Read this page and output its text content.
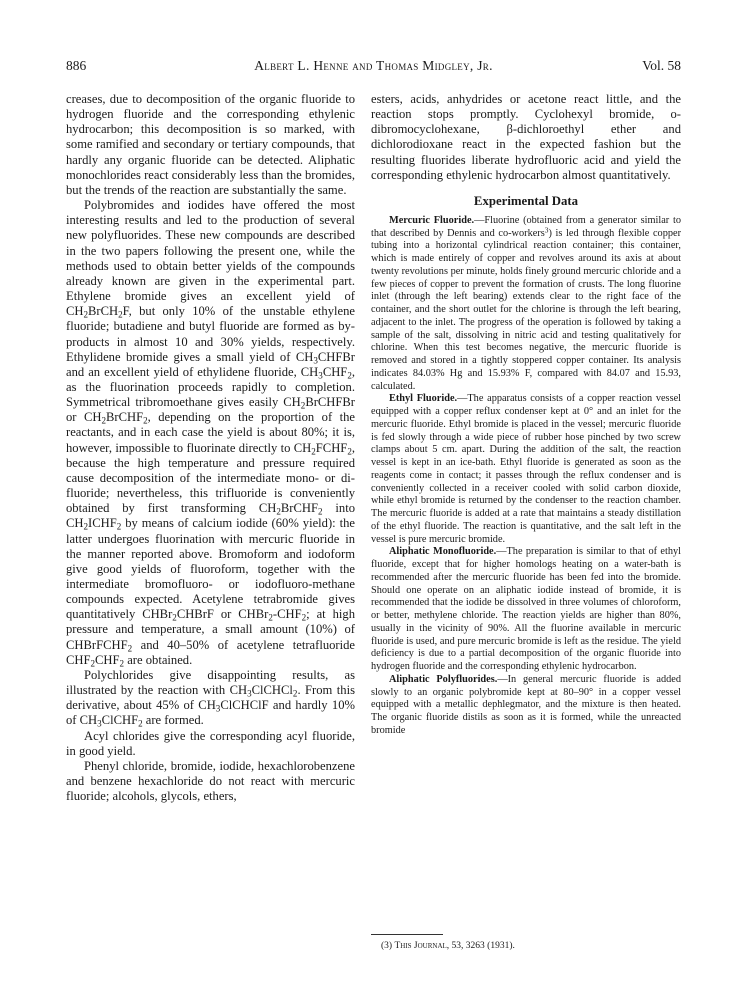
886	Albert L. Henne and Thomas Midgley, Jr.	Vol. 58

creases, due to decomposition of the organic fluoride to hydrogen fluoride and the corresponding ethylenic hydrocarbon; this decomposition is so marked, with some ramified and secondary or tertiary compounds, that hardly any organic fluoride can be detected. Aliphatic monochlorides react considerably less than the bromides, but the trends of the reaction are substantially the same.

Polybromides and iodides have offered the most interesting results and led to the production of several new polyfluorides. These new compounds are described in the two papers following the present one, while the methods used to obtain better yields of the compounds already known are given in the experimental part. Ethylene bromide gives an excellent yield of $CH_2BrCH_2F$, but only 10% of the unstable ethylene fluoride; butadiene and butyl fluoride are formed as by-products in almost 10 and 30% yields, respectively. Ethylidene bromide gives a small yield of $CH_3CHFBr$ and an excellent yield of ethylidene fluoride, $CH_3CHF_2$, as the fluorination proceeds rapidly to completion. Symmetrical tribromoethane gives easily $CH_2BrCHFBr$ or $CH_2BrCHF_2$, depending on the proportion of the reactants, and in each case the yield is about 80%; it is, however, impossible to fluorinate directly to $CH_2FCHF_2$, because the high temperature and pressure required cause decomposition of the intermediate mono- or di-fluoride; nevertheless, this trifluoride is conveniently obtained by first transforming $CH_2BrCHF_2$ into $CH_2ICHF_2$ by means of calcium iodide (60% yield): the latter undergoes fluorination with mercuric fluoride in the manner reported above. Bromoform and iodoform give good yields of fluoroform, together with the intermediate bromofluoro- or iodofluoro-methane compounds expected. Acetylene tetrabromide gives quantitatively CHBr$_2$CHBrF or $CHBr_2-CHF_2$; at high pressure and temperature, a small amount (10%) of CHBrFCHF$_2$ and 40–50% of acetylene tetrafluoride $CHF_2CHF_2$ are obtained.

Polychlorides give disappointing results, as illustrated by the reaction with $CH_3ClCHCl_2$. From this derivative, about 45% of $CH_3ClCHClF$ and hardly 10% of $CH_3ClCHF_2$ are formed.

Acyl chlorides give the corresponding acyl fluoride, in good yield.

Phenyl chloride, bromide, iodide, hexachlorobenzene and benzene hexachloride do not react with mercuric fluoride; alcohols, glycols, ethers,

esters, acids, anhydrides or acetone react little, and the reaction stops promptly. Cyclohexyl bromide, o-dibromocyclohexane, β-dichloroethyl ether and dichlorodioxane react in the expected fashion but the resulting fluorides liberate hydrofluoric acid and yield the corresponding ethylenic hydrocarbon almost quantitatively.

Experimental Data

Mercuric Fluoride.—Fluorine (obtained from a generator similar to that described by Dennis and co-workers$^3$) is led through flexible copper tubing into a horizontal cylindrical reaction container; this container, which is made entirely of copper and revolves around its axis at about twenty revolutions per minute, holds finely ground mercuric chloride and a few pieces of copper to prevent the formation of crusts. The long fluorine inlet (through the left bearing) extends clear to the right face of the container, and the short outlet for the chlorine is through the left bearing, adjacent to the inlet. The progress of the operation is followed by taking a sample of the salt, dissolving in nitric acid and testing qualitatively for chlorine. When this test becomes negative, the mercuric fluoride is removed and stored in a tightly stoppered copper container. Its analysis indicates 84.03% Hg and 15.93% F, compared with 84.07 and 15.93, calculated.

Ethyl Fluoride.—The apparatus consists of a copper reaction vessel equipped with a copper reflux condenser kept at 0° and an inlet for the mercuric fluoride. Ethyl bromide is placed in the vessel; mercuric fluoride is fed slowly through a wide piece of rubber hose pinched by two screw clamps about 5 cm. apart. During the addition of the salt, the reaction vessel is kept in an ice-bath. Ethyl fluoride is generated as soon as the reagents come in contact; it passes through the reflux condenser and is conveniently collected in a receiver cooled with solid carbon dioxide, while ethyl bromide is returned by the condenser to the reaction chamber. The mercuric fluoride is added at a rate that maintains a steady distillation of the ethyl fluoride. The reaction is quantitative, and the salt left in the vessel is pure mercuric bromide.

Aliphatic Monofluoride.—The preparation is similar to that of ethyl fluoride, except that for higher homologs heating on a water-bath is recommended after the mercuric fluoride has been fed into the bromide. Should one operate on an aliphatic iodide instead of bromide, it is recommended that the iodide be dissolved in three volumes of chloroform, or better, methylene chloride. The reaction yields are higher than 80%, usually in the vicinity of 90%. All the fluorine available in mercuric fluoride is used, and pure mercuric bromide is left as the residue. The yield deficiency is due to a partial decomposition of the organic fluoride into hydrogen fluoride and the corresponding ethylenic hydrocarbon.

Aliphatic Polyfluorides.—In general mercuric fluoride is added slowly to an organic polybromide kept at 80–90° in a copper vessel equipped with a metallic dephlegmator, and the mixture is then heated. The organic fluoride distils as soon as it is formed, while the unreacted bromide

(3) This Journal, 53, 3263 (1931).
